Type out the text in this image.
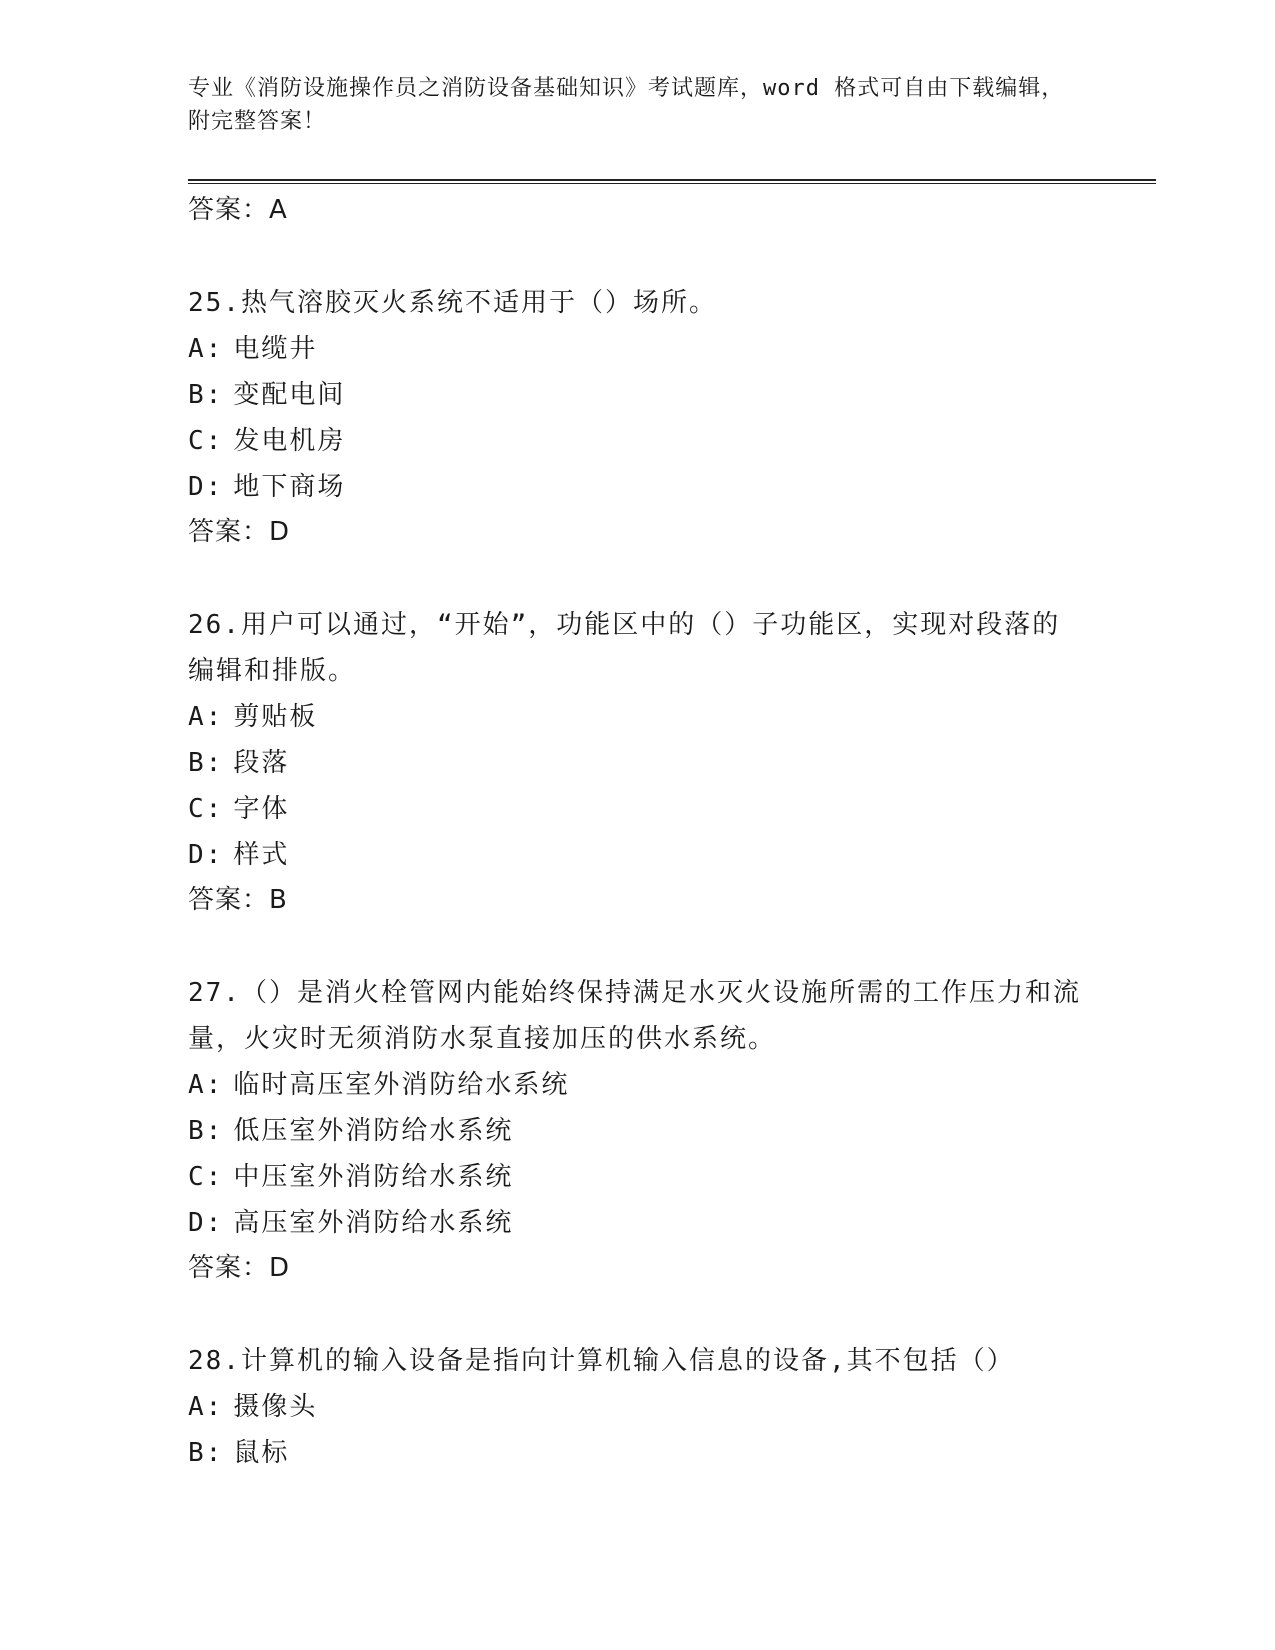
专业《消防设施操作员之消防设备基础知识》考试题库，word 格式可自由下载编辑，附完整答案！
答案：A
25.热气溶胶灭火系统不适用于（）场所。
A: 电缆井
B: 变配电间
C: 发电机房
D: 地下商场
答案：D
26.用户可以通过，“开始”，功能区中的（）子功能区，实现对段落的编辑和排版。
A: 剪贴板
B: 段落
C: 字体
D: 样式
答案：B
27.（）是消火栓管网内能始终保持满足水灭火设施所需的工作压力和流量，火灾时无须消防水泵直接加压的供水系统。
A: 临时高压室外消防给水系统
B: 低压室外消防给水系统
C: 中压室外消防给水系统
D: 高压室外消防给水系统
答案：D
28.计算机的输入设备是指向计算机输入信息的设备,其不包括（）
A: 摄像头
B: 鼠标
